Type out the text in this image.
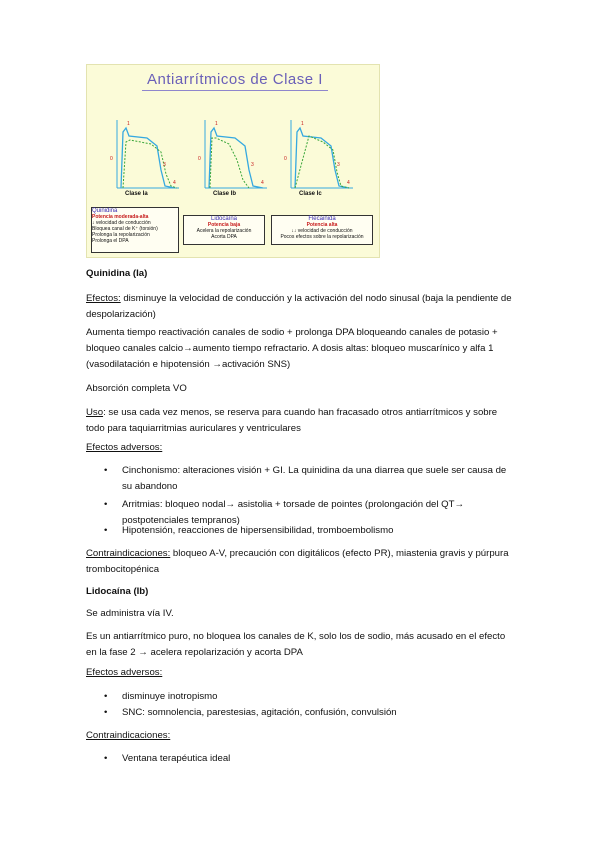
Antiarrítmicos de Clase I
0
1
3
4
0
1
3
4
0
1
3
4
Clase Ia	Clase Ib	Clase Ic
Quinidina
Potencia moderada-alta
↓ velocidad de conducción
Bloquea canal de K⁺ (torsión)
Prolonga la repolarización
Prolonga el DPA
Lidocaína
Potencia baja
Acelera la repolarización
Acorta DPA
Flecainida
Potencia alta
↓↓ velocidad de conducción
Pocos efectos sobre la repolarización

Quinidina (Ia)

Efectos: disminuye la velocidad de conducción y la activación del nodo sinusal (baja la pendiente de despolarización)

Aumenta tiempo reactivación canales de sodio + prolonga DPA bloqueando canales de potasio + bloqueo canales calcio→aumento tiempo refractario. A dosis altas: bloqueo muscarínico y alfa 1 (vasodilatación e hipotensión →activación SNS)

Absorción completa VO

Uso: se usa cada vez menos, se reserva para cuando han fracasado otros antiarrítmicos y sobre todo para taquiarritmias auriculares y ventriculares

Efectos adversos:

•	Cinchonismo: alteraciones visión + GI. La quinidina da una diarrea que suele ser causa de su abandono
•	Arritmias: bloqueo nodal→ asistolia + torsade de pointes (prolongación del QT→ postpotenciales tempranos)
•	Hipotensión, reacciones de hipersensibilidad, tromboembolismo

Contraindicaciones: bloqueo A-V, precaución con digitálicos (efecto PR), miastenia gravis y púrpura trombocitopénica

Lidocaína (Ib)

Se administra vía IV.

Es un antiarrítmico puro, no bloquea los canales de K, solo los de sodio, más acusado en el efecto en la fase 2 → acelera repolarización y acorta DPA

Efectos adversos:

•	disminuye inotropismo
•	SNC: somnolencia, parestesias, agitación, confusión, convulsión

Contraindicaciones:

•	Ventana terapéutica ideal
